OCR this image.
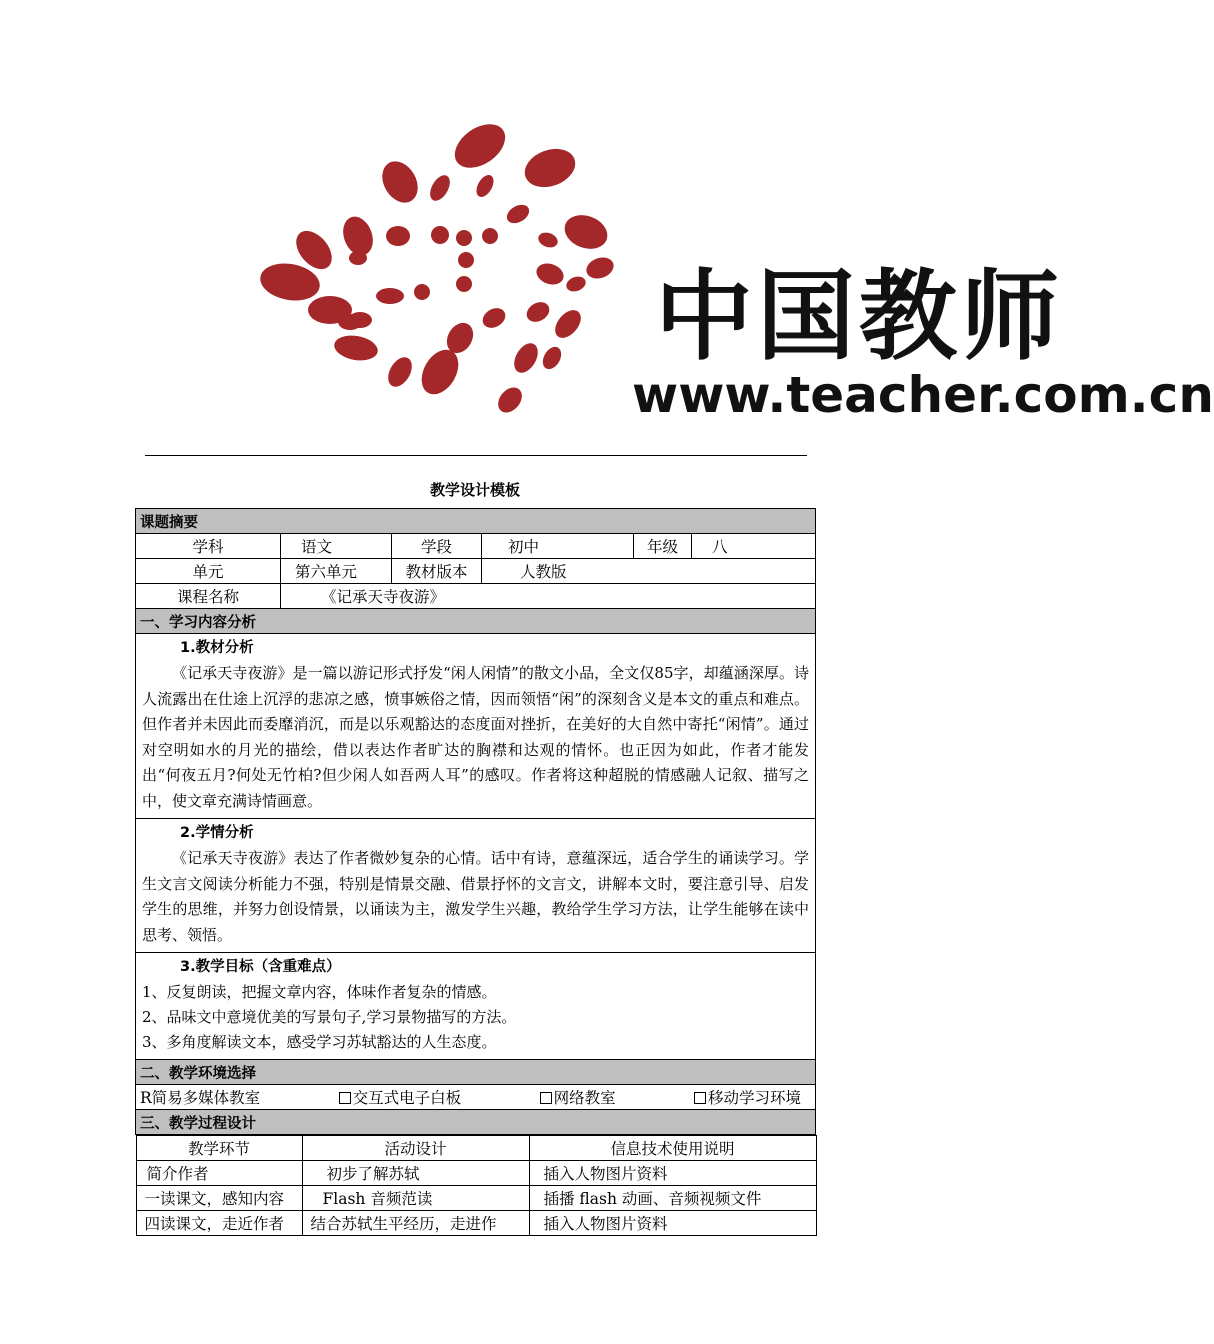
中国教师
www.teacher.com.cn
教学设计模板
课题摘要
学科	语文	学段	初中	年级	八
单元	第六单元	教材版本	人教版
课程名称	《记承天寺夜游》
一、学习内容分析

1.教材分析
《记承天寺夜游》是一篇以游记形式抒发“闲人闲情”的散文小品，全文仅85字，却蕴涵深厚。诗人流露出在仕途上沉浮的悲凉之感，愤事嫉俗之情，因而领悟“闲”的深刻含义是本文的重点和难点。但作者并未因此而委靡消沉，而是以乐观豁达的态度面对挫折，在美好的大自然中寄托“闲情”。通过对空明如水的月光的描绘，借以表达作者旷达的胸襟和达观的情怀。也正因为如此，作者才能发出“何夜五月?何处无竹柏?但少闲人如吾两人耳”的感叹。作者将这种超脱的情感融人记叙、描写之中，使文章充满诗情画意。

2.学情分析
《记承天寺夜游》表达了作者微妙复杂的心情。话中有诗，意蕴深远，适合学生的诵读学习。学生文言文阅读分析能力不强，特别是情景交融、借景抒怀的文言文，讲解本文时，要注意引导、启发学生的思维，并努力创设情景，以诵读为主，激发学生兴趣，教给学生学习方法，让学生能够在读中思考、领悟。

3.教学目标（含重难点）
1、反复朗读，把握文章内容，体味作者复杂的情感。
2、品味文中意境优美的写景句子,学习景物描写的方法。
3、多角度解读文本，感受学习苏轼豁达的人生态度。

二、教学环境选择

R简易多媒体教室	交互式电子白板	网络教室	移动学习环境

三、教学过程设计

教学环节	活动设计	信息技术使用说明
简介作者	初步了解苏轼	插入人物图片资料
一读课文，感知内容	Flash 音频范读	插播 flash 动画、音频视频文件
四读课文，走近作者	结合苏轼生平经历，走进作	插入人物图片资料
